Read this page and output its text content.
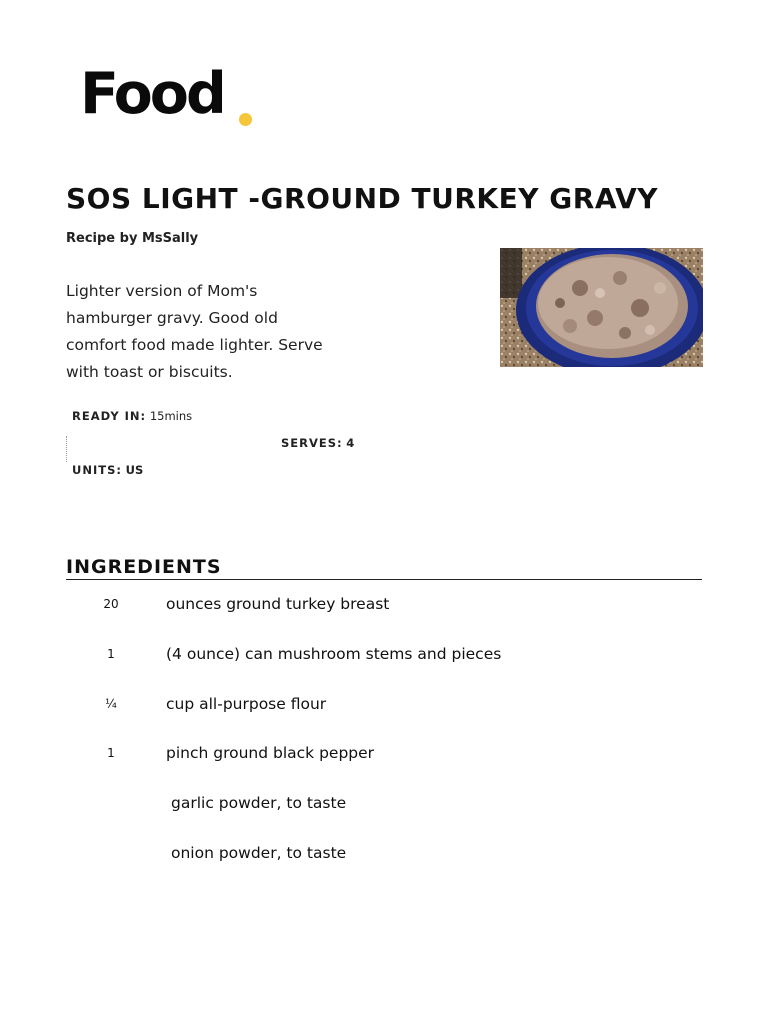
Food
SOS LIGHT -GROUND TURKEY GRAVY
Recipe by MsSally
Lighter version of Mom's hamburger gravy. Good old comfort food made lighter. Serve with toast or biscuits.
READY IN: 15mins
SERVES: 4
UNITS: US
INGREDIENTS
20	ounces ground turkey breast
1	(4 ounce) can mushroom stems and pieces
¼	cup all-purpose flour
1	pinch ground black pepper
garlic powder, to taste
onion powder, to taste
